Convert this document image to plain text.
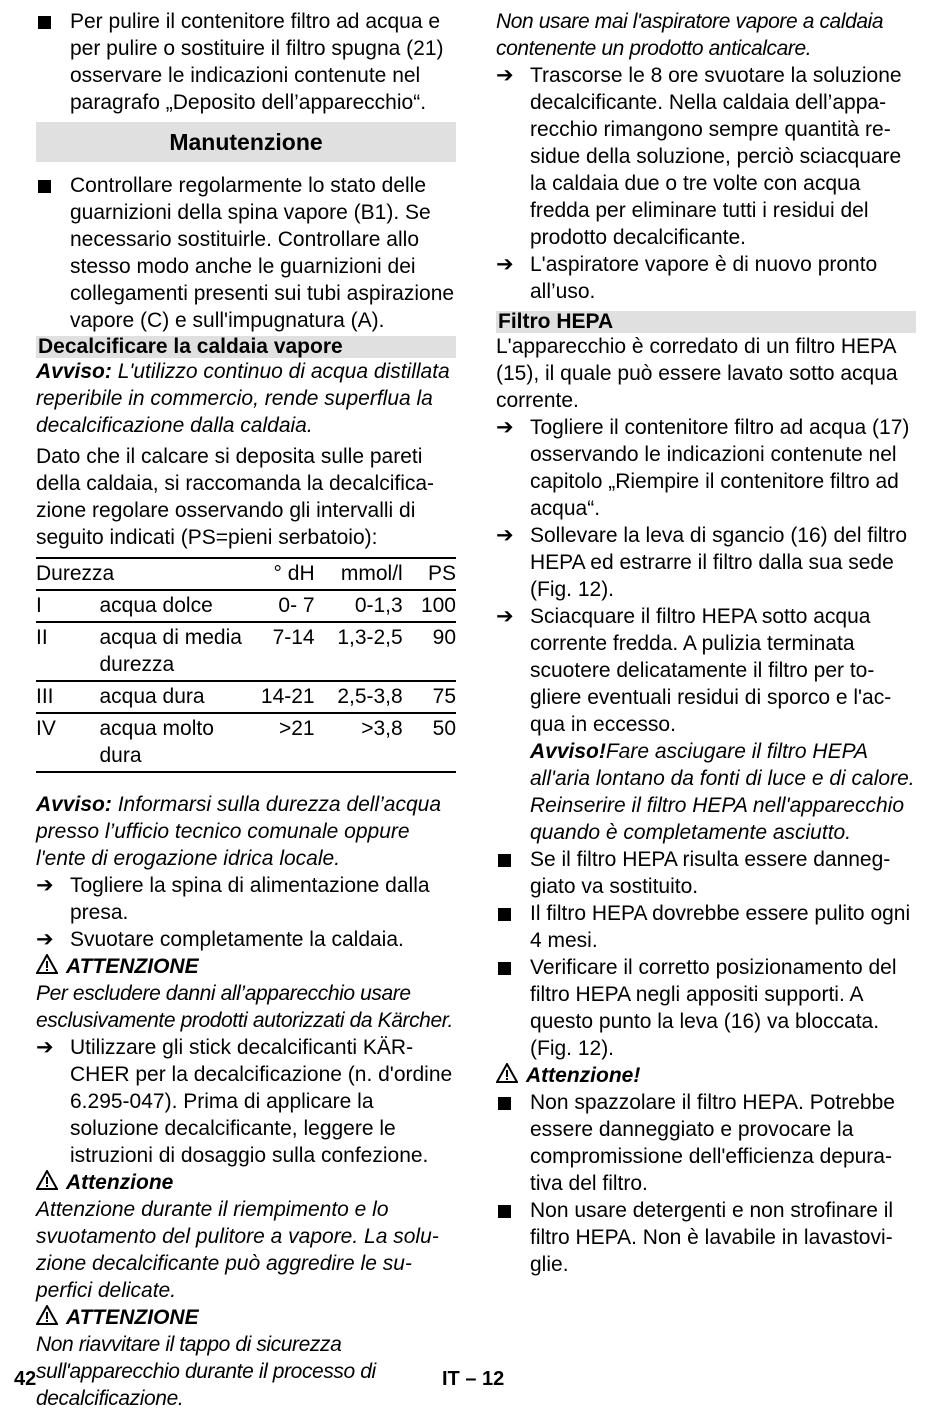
Per pulire il contenitore filtro ad acqua e per pulire o sostituire il filtro spugna (21) osservare le indicazioni contenute nel paragrafo „Deposito dell’apparecchio“.

Manutenzione

Controllare regolarmente lo stato delle guarnizioni della spina vapore (B1). Se necessario sostituirle. Controllare allo stesso modo anche le guarnizioni dei collegamenti presenti sui tubi aspirazione vapore (C) e sull'impugnatura (A).

Decalcificare la caldaia vapore

Avviso: L'utilizzo continuo di acqua distillata reperibile in commercio, rende superflua la decalcificazione dalla caldaia.

Dato che il calcare si deposita sulle pareti della caldaia, si raccomanda la decalcificazione regolare osservando gli intervalli di seguito indicati (PS=pieni serbatoio):

Durezza		° dH	mmol/l	PS
I	acqua dolce	0- 7	0-1,3	100
II	acqua di media durezza	7-14	1,3-2,5	90
III	acqua dura	14-21	2,5-3,8	75
IV	acqua molto dura	>21	>3,8	50

Avviso: Informarsi sulla durezza dell’acqua presso l’ufficio tecnico comunale oppure l'ente di erogazione idrica locale.

➔ Togliere la spina di alimentazione dalla presa.

➔ Svuotare completamente la caldaia.

ATTENZIONE

Per escludere danni all’apparecchio usare esclusivamente prodotti autorizzati da Kärcher.

➔ Utilizzare gli stick decalcificanti KÄRCHER per la decalcificazione (n. d'ordine 6.295-047). Prima di applicare la soluzione decalcificante, leggere le istruzioni di dosaggio sulla confezione.

Attenzione

Attenzione durante il riempimento e lo svuotamento del pulitore a vapore. La soluzione decalcificante può aggredire le superfici delicate.

ATTENZIONE

Non riavvitare il tappo di sicurezza sull'apparecchio durante il processo di decalcificazione.

Non usare mai l'aspiratore vapore a caldaia contenente un prodotto anticalcare.

➔ Trascorse le 8 ore svuotare la soluzione decalcificante. Nella caldaia dell’apparecchio rimangono sempre quantità residue della soluzione, perciò sciacquare la caldaia due o tre volte con acqua fredda per eliminare tutti i residui del prodotto decalcificante.

➔ L'aspiratore vapore è di nuovo pronto all’uso.

Filtro HEPA

L'apparecchio è corredato di un filtro HEPA (15), il quale può essere lavato sotto acqua corrente.

➔ Togliere il contenitore filtro ad acqua (17) osservando le indicazioni contenute nel capitolo „Riempire il contenitore filtro ad acqua“.

➔ Sollevare la leva di sgancio (16) del filtro HEPA ed estrarre il filtro dalla sua sede (Fig. 12).

➔ Sciacquare il filtro HEPA sotto acqua corrente fredda. A pulizia terminata scuotere delicatamente il filtro per togliere eventuali residui di sporco e l'acqua in eccesso.

Avviso!Fare asciugare il filtro HEPA all'aria lontano da fonti di luce e di calore. Reinserire il filtro HEPA nell'apparecchio quando è completamente asciutto.

Se il filtro HEPA risulta essere danneggiato va sostituito.

Il filtro HEPA dovrebbe essere pulito ogni 4 mesi.

Verificare il corretto posizionamento del filtro HEPA negli appositi supporti. A questo punto la leva (16) va bloccata. (Fig. 12).

Attenzione!

Non spazzolare il filtro HEPA. Potrebbe essere danneggiato e provocare la compromissione dell'efficienza depurativa del filtro.

Non usare detergenti e non strofinare il filtro HEPA. Non è lavabile in lavastoviglie.

42	IT – 12
